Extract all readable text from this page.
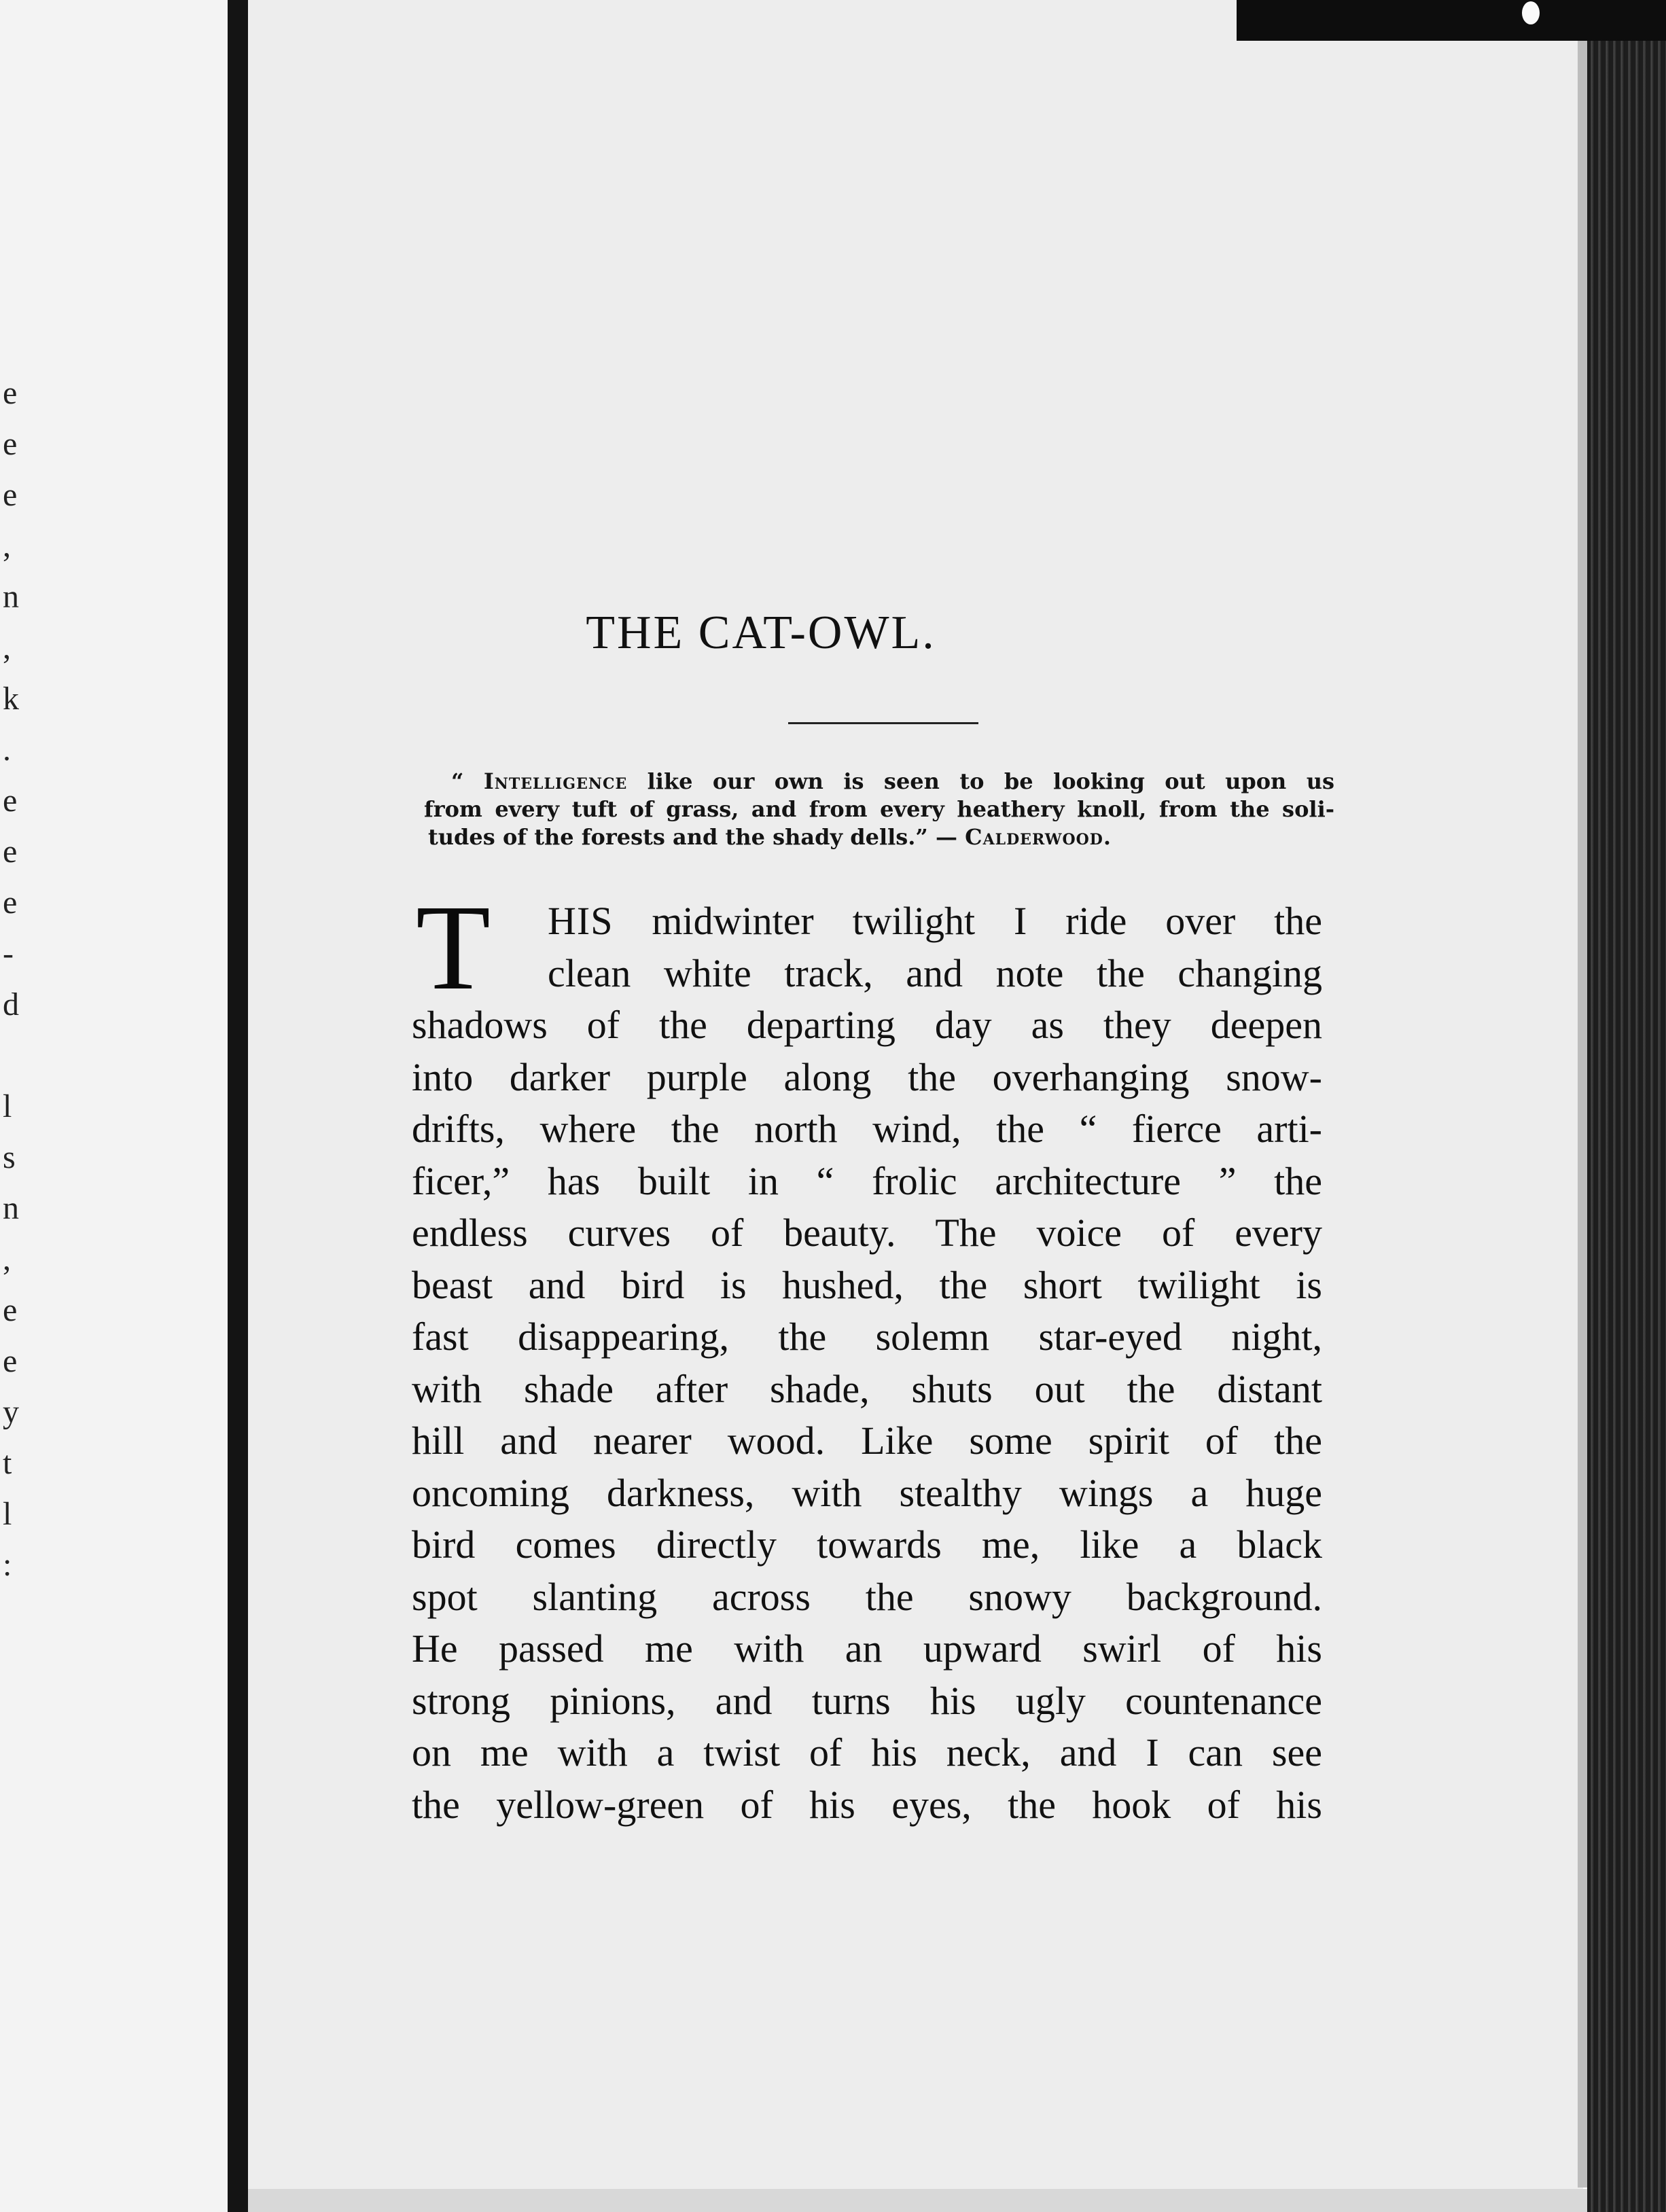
e
e
e
,
n
,
k
.
e
e
e
-
d
l
s
n
,
e
e
y
t
l
:
THE CAT-OWL.
“ Intelligence like our own is seen to be looking out upon us
from every tuft of grass, and from every heathery knoll, from the soli-
tudes of the forests and the shady dells.” — Calderwood.
T	HIS midwinter twilight I ride over the
clean white track, and note the changing
shadows of the departing day as they deepen
into darker purple along the overhanging snow-
drifts, where the north wind, the “ fierce arti-
ficer,” has built in “ frolic architecture ” the
endless curves of beauty. The voice of every
beast and bird is hushed, the short twilight is
fast disappearing, the solemn star-eyed night,
with shade after shade, shuts out the distant
hill and nearer wood. Like some spirit of the
oncoming darkness, with stealthy wings a huge
bird comes directly towards me, like a black
spot slanting across the snowy background.
He passed me with an upward swirl of his
strong pinions, and turns his ugly countenance
on me with a twist of his neck, and I can see
the yellow-green of his eyes, the hook of his
